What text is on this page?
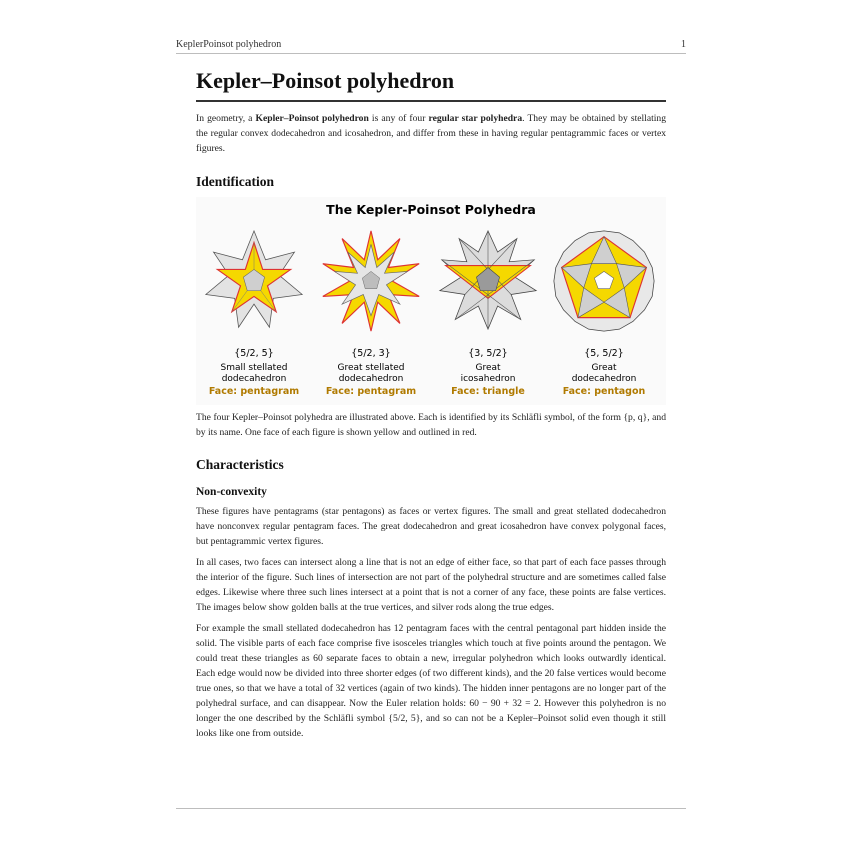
KeplerPoinsot polyhedron	1
Kepler–Poinsot polyhedron

In geometry, a Kepler–Poinsot polyhedron is any of four regular star polyhedra. They may be obtained by stellating the regular convex dodecahedron and icosahedron, and differ from these in having regular pentagrammic faces or vertex figures.

Identification
The Kepler-Poinsot Polyhedra
{5/2, 5}
Small stellated
dodecahedron
Face: pentagram
{5/2, 3}
Great stellated
dodecahedron
Face: pentagram
{3, 5/2}
Great
icosahedron
Face: triangle
{5, 5/2}
Great
dodecahedron
Face: pentagon

The four Kepler–Poinsot polyhedra are illustrated above. Each is identified by its Schläfli symbol, of the form {p, q}, and by its name. One face of each figure is shown yellow and outlined in red.

Characteristics
Non-convexity

These figures have pentagrams (star pentagons) as faces or vertex figures. The small and great stellated dodecahedron have nonconvex regular pentagram faces. The great dodecahedron and great icosahedron have convex polygonal faces, but pentagrammic vertex figures.

In all cases, two faces can intersect along a line that is not an edge of either face, so that part of each face passes through the interior of the figure. Such lines of intersection are not part of the polyhedral structure and are sometimes called false edges. Likewise where three such lines intersect at a point that is not a corner of any face, these points are false vertices. The images below show golden balls at the true vertices, and silver rods along the true edges.

For example the small stellated dodecahedron has 12 pentagram faces with the central pentagonal part hidden inside the solid. The visible parts of each face comprise five isosceles triangles which touch at five points around the pentagon. We could treat these triangles as 60 separate faces to obtain a new, irregular polyhedron which looks outwardly identical. Each edge would now be divided into three shorter edges (of two different kinds), and the 20 false vertices would become true ones, so that we have a total of 32 vertices (again of two kinds). The hidden inner pentagons are no longer part of the polyhedral surface, and can disappear. Now the Euler relation holds: 60 − 90 + 32 = 2. However this polyhedron is no longer the one described by the Schläfli symbol {5/2, 5}, and so can not be a Kepler–Poinsot solid even though it still looks like one from outside.
